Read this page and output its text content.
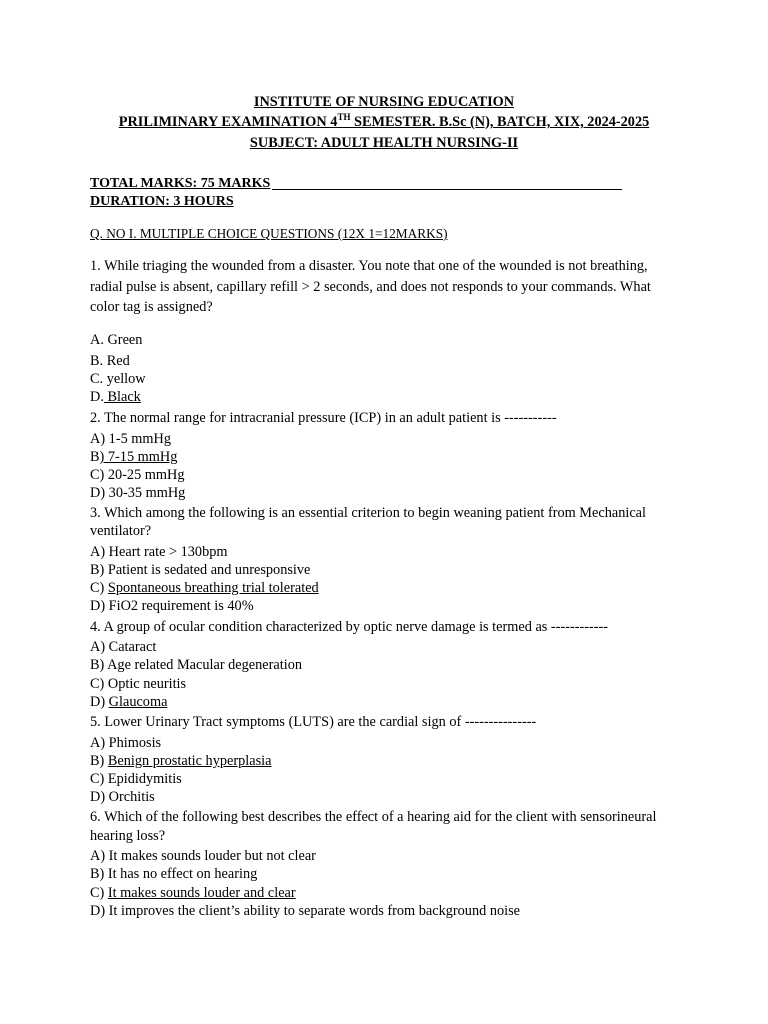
INSTITUTE OF NURSING EDUCATION
PRILIMINARY EXAMINATION 4TH SEMESTER. B.Sc (N), BATCH, XIX, 2024-2025
SUBJECT: ADULT HEALTH NURSING-II
TOTAL MARKS: 75 MARKS
DURATION: 3 HOURS
Q. NO I. MULTIPLE CHOICE QUESTIONS (12X 1=12MARKS)
1. While triaging the wounded from a disaster. You note that one of the wounded is not breathing, radial pulse is absent, capillary refill > 2 seconds, and does not responds to your commands. What color tag is assigned?
A. Green
B. Red
C. yellow
D. Black
2. The normal range for intracranial pressure (ICP) in an adult patient is -----------
A) 1-5 mmHg
B) 7-15 mmHg
C) 20-25 mmHg
D) 30-35 mmHg
3. Which among the following is an essential criterion to begin weaning patient from Mechanical ventilator?
A) Heart rate > 130bpm
B) Patient is sedated and unresponsive
C) Spontaneous breathing trial tolerated
D) FiO2 requirement is 40%
4. A group of ocular condition characterized by optic nerve damage is termed as ------------
A) Cataract
B) Age related Macular degeneration
C) Optic neuritis
D) Glaucoma
5. Lower Urinary Tract symptoms (LUTS) are the cardial sign of ---------------
A) Phimosis
B) Benign prostatic hyperplasia
C) Epididymitis
D) Orchitis
6. Which of the following best describes the effect of a hearing aid for the client with sensorineural hearing loss?
A) It makes sounds louder but not clear
B) It has no effect on hearing
C) It makes sounds louder and clear
D) It improves the client’s ability to separate words from background noise
